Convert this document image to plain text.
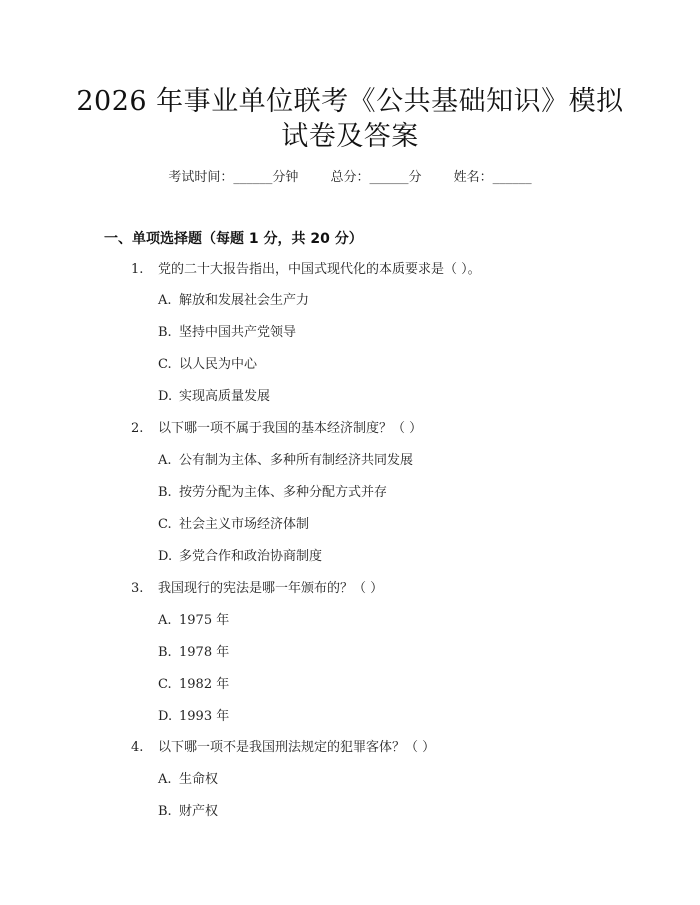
2026 年事业单位联考《公共基础知识》模拟
试卷及答案
考试时间：______分钟 总分：______分 姓名：______
一、单项选择题（每题 1 分，共 20 分）
1. 党的二十大报告指出，中国式现代化的本质要求是（ ）。
A. 解放和发展社会生产力
B. 坚持中国共产党领导
C. 以人民为中心
D. 实现高质量发展
2. 以下哪一项不属于我国的基本经济制度？（ ）
A. 公有制为主体、多种所有制经济共同发展
B. 按劳分配为主体、多种分配方式并存
C. 社会主义市场经济体制
D. 多党合作和政治协商制度
3. 我国现行的宪法是哪一年颁布的？（ ）
A. 1975 年
B. 1978 年
C. 1982 年
D. 1993 年
4. 以下哪一项不是我国刑法规定的犯罪客体？（ ）
A. 生命权
B. 财产权
